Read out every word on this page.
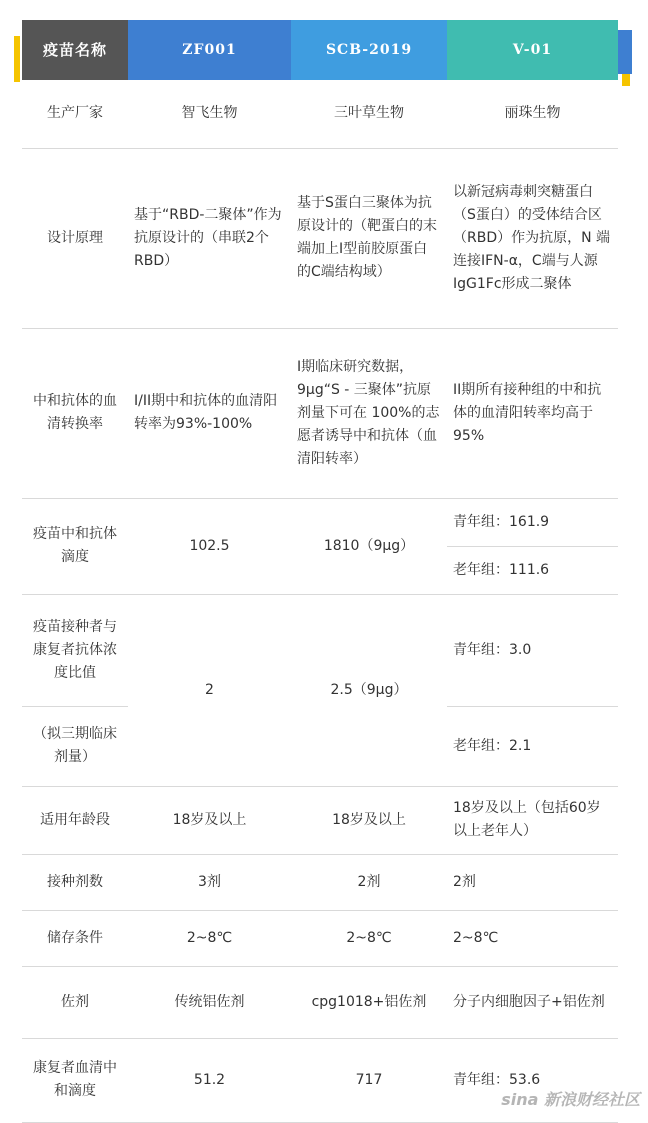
疫苗名称	ZF001	SCB-2019	V-01
生产厂家	智飞生物	三叶草生物	丽珠生物
设计原理	基于“RBD-二聚体”作为抗原设计的（串联2个RBD）	基于S蛋白三聚体为抗原设计的（靶蛋白的末端加上I型前胶原蛋白的C端结构域）	以新冠病毒刺突糖蛋白（S蛋白）的受体结合区（RBD）作为抗原，N 端连接IFN-α，C端与人源IgG1Fc形成二聚体
中和抗体的血清转换率	I/II期中和抗体的血清阳转率为93%-100%	I期临床研究数据，9μg“S - 三聚体”抗原剂量下可在 100%的志愿者诱导中和抗体（血清阳转率）	II期所有接种组的中和抗体的血清阳转率均高于 95%
疫苗中和抗体滴度	102.5	1810（9μg）	青年组：161.9
			老年组：111.6
疫苗接种者与康复者抗体浓度比值	2	2.5（9μg）	青年组：3.0
（拟三期临床剂量）			老年组：2.1
适用年龄段	18岁及以上	18岁及以上	18岁及以上（包括60岁以上老年人）
接种剂数	3剂	2剂	2剂
储存条件	2~8℃	2~8℃	2~8℃
佐剂	传统铝佐剂	cpg1018+铝佐剂	分子内细胞因子+铝佐剂
康复者血清中和滴度	51.2	717	青年组：53.6
sina 新浪财经社区
